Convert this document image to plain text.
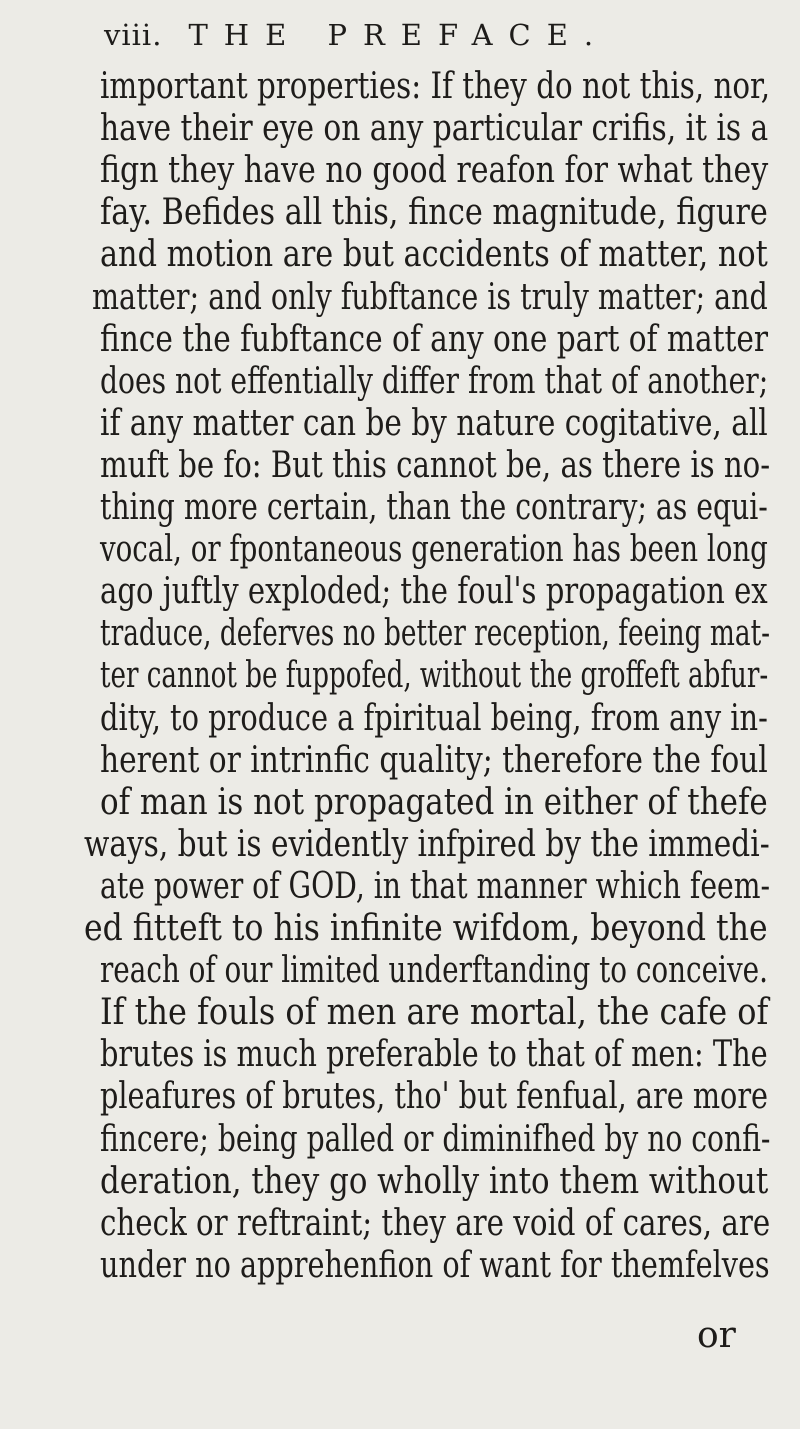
viii. THE PREFACE.
important properties: If they do not this, nor,
have their eye on any particular crifis, it is a
fign they have no good reafon for what they
fay. Befides all this, fince magnitude, figure
and motion are but accidents of matter, not
matter; and only fubftance is truly matter; and
fince the fubftance of any one part of matter
does not effentially differ from that of another;
if any matter can be by nature cogitative, all
muft be fo: But this cannot be, as there is no-
thing more certain, than the contrary; as equi-
vocal, or fpontaneous generation has been long
ago juftly exploded; the foul's propagation ex
traduce, deferves no better reception, feeing mat-
ter cannot be fuppofed, without the groffeft abfur-
dity, to produce a fpiritual being, from any in-
herent or intrinfic quality; therefore the foul
of man is not propagated in either of thefe
ways, but is evidently infpired by the immedi-
ate power of GOD, in that manner which feem-
ed fitteft to his infinite wifdom, beyond the
reach of our limited underftanding to conceive.
If the fouls of men are mortal, the cafe of
brutes is much preferable to that of men: The
pleafures of brutes, tho' but fenfual, are more
fincere; being palled or diminifhed by no confi-
deration, they go wholly into them without
check or reftraint; they are void of cares, are
under no apprehenfion of want for themfelves
or
